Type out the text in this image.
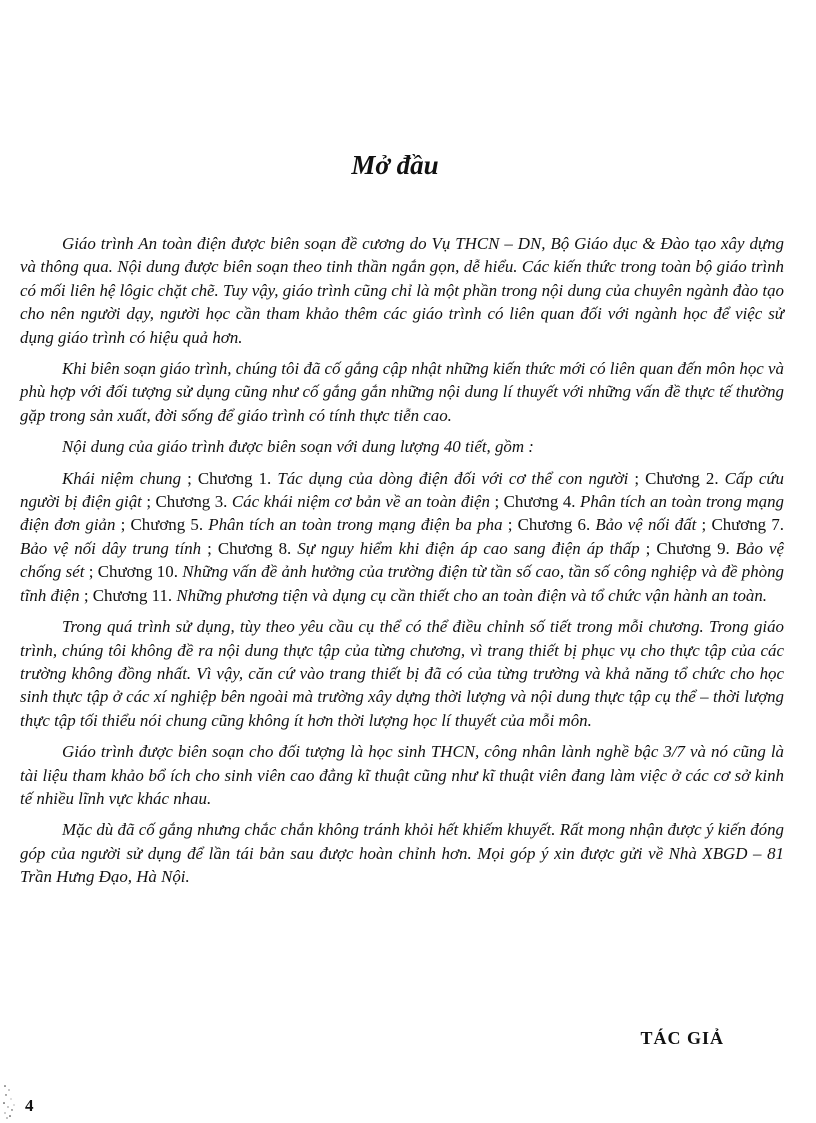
Mở đầu

Giáo trình An toàn điện được biên soạn đề cương do Vụ THCN – DN, Bộ Giáo dục & Đào tạo xây dựng và thông qua. Nội dung được biên soạn theo tinh thần ngắn gọn, dễ hiểu. Các kiến thức trong toàn bộ giáo trình có mối liên hệ lôgic chặt chẽ. Tuy vậy, giáo trình cũng chỉ là một phần trong nội dung của chuyên ngành đào tạo cho nên người dạy, người học cần tham khảo thêm các giáo trình có liên quan đối với ngành học để việc sử dụng giáo trình có hiệu quả hơn.

Khi biên soạn giáo trình, chúng tôi đã cố gắng cập nhật những kiến thức mới có liên quan đến môn học và phù hợp với đối tượng sử dụng cũng như cố gắng gắn những nội dung lí thuyết với những vấn đề thực tế thường gặp trong sản xuất, đời sống để giáo trình có tính thực tiễn cao.

Nội dung của giáo trình được biên soạn với dung lượng 40 tiết, gồm :

Khái niệm chung ; Chương 1. Tác dụng của dòng điện đối với cơ thể con người ; Chương 2. Cấp cứu người bị điện giật ; Chương 3. Các khái niệm cơ bản về an toàn điện ; Chương 4. Phân tích an toàn trong mạng điện đơn giản ; Chương 5. Phân tích an toàn trong mạng điện ba pha ; Chương 6. Bảo vệ nối đất ; Chương 7. Bảo vệ nối dây trung tính ; Chương 8. Sự nguy hiểm khi điện áp cao sang điện áp thấp ; Chương 9. Bảo vệ chống sét ; Chương 10. Những vấn đề ảnh hưởng của trường điện từ tần số cao, tần số công nghiệp và đề phòng tĩnh điện ; Chương 11. Những phương tiện và dụng cụ cần thiết cho an toàn điện và tổ chức vận hành an toàn.

Trong quá trình sử dụng, tùy theo yêu cầu cụ thể có thể điều chỉnh số tiết trong mỗi chương. Trong giáo trình, chúng tôi không đề ra nội dung thực tập của từng chương, vì trang thiết bị phục vụ cho thực tập của các trường không đồng nhất. Vì vậy, căn cứ vào trang thiết bị đã có của từng trường và khả năng tổ chức cho học sinh thực tập ở các xí nghiệp bên ngoài mà trường xây dựng thời lượng và nội dung thực tập cụ thể – thời lượng thực tập tối thiểu nói chung cũng không ít hơn thời lượng học lí thuyết của mỗi môn.

Giáo trình được biên soạn cho đối tượng là học sinh THCN, công nhân lành nghề bậc 3/7 và nó cũng là tài liệu tham khảo bổ ích cho sinh viên cao đẳng kĩ thuật cũng như kĩ thuật viên đang làm việc ở các cơ sở kinh tế nhiều lĩnh vực khác nhau.

Mặc dù đã cố gắng nhưng chắc chắn không tránh khỏi hết khiếm khuyết. Rất mong nhận được ý kiến đóng góp của người sử dụng để lần tái bản sau được hoàn chỉnh hơn. Mọi góp ý xin được gửi về Nhà XBGD – 81 Trần Hưng Đạo, Hà Nội.

TÁC GIẢ
4
